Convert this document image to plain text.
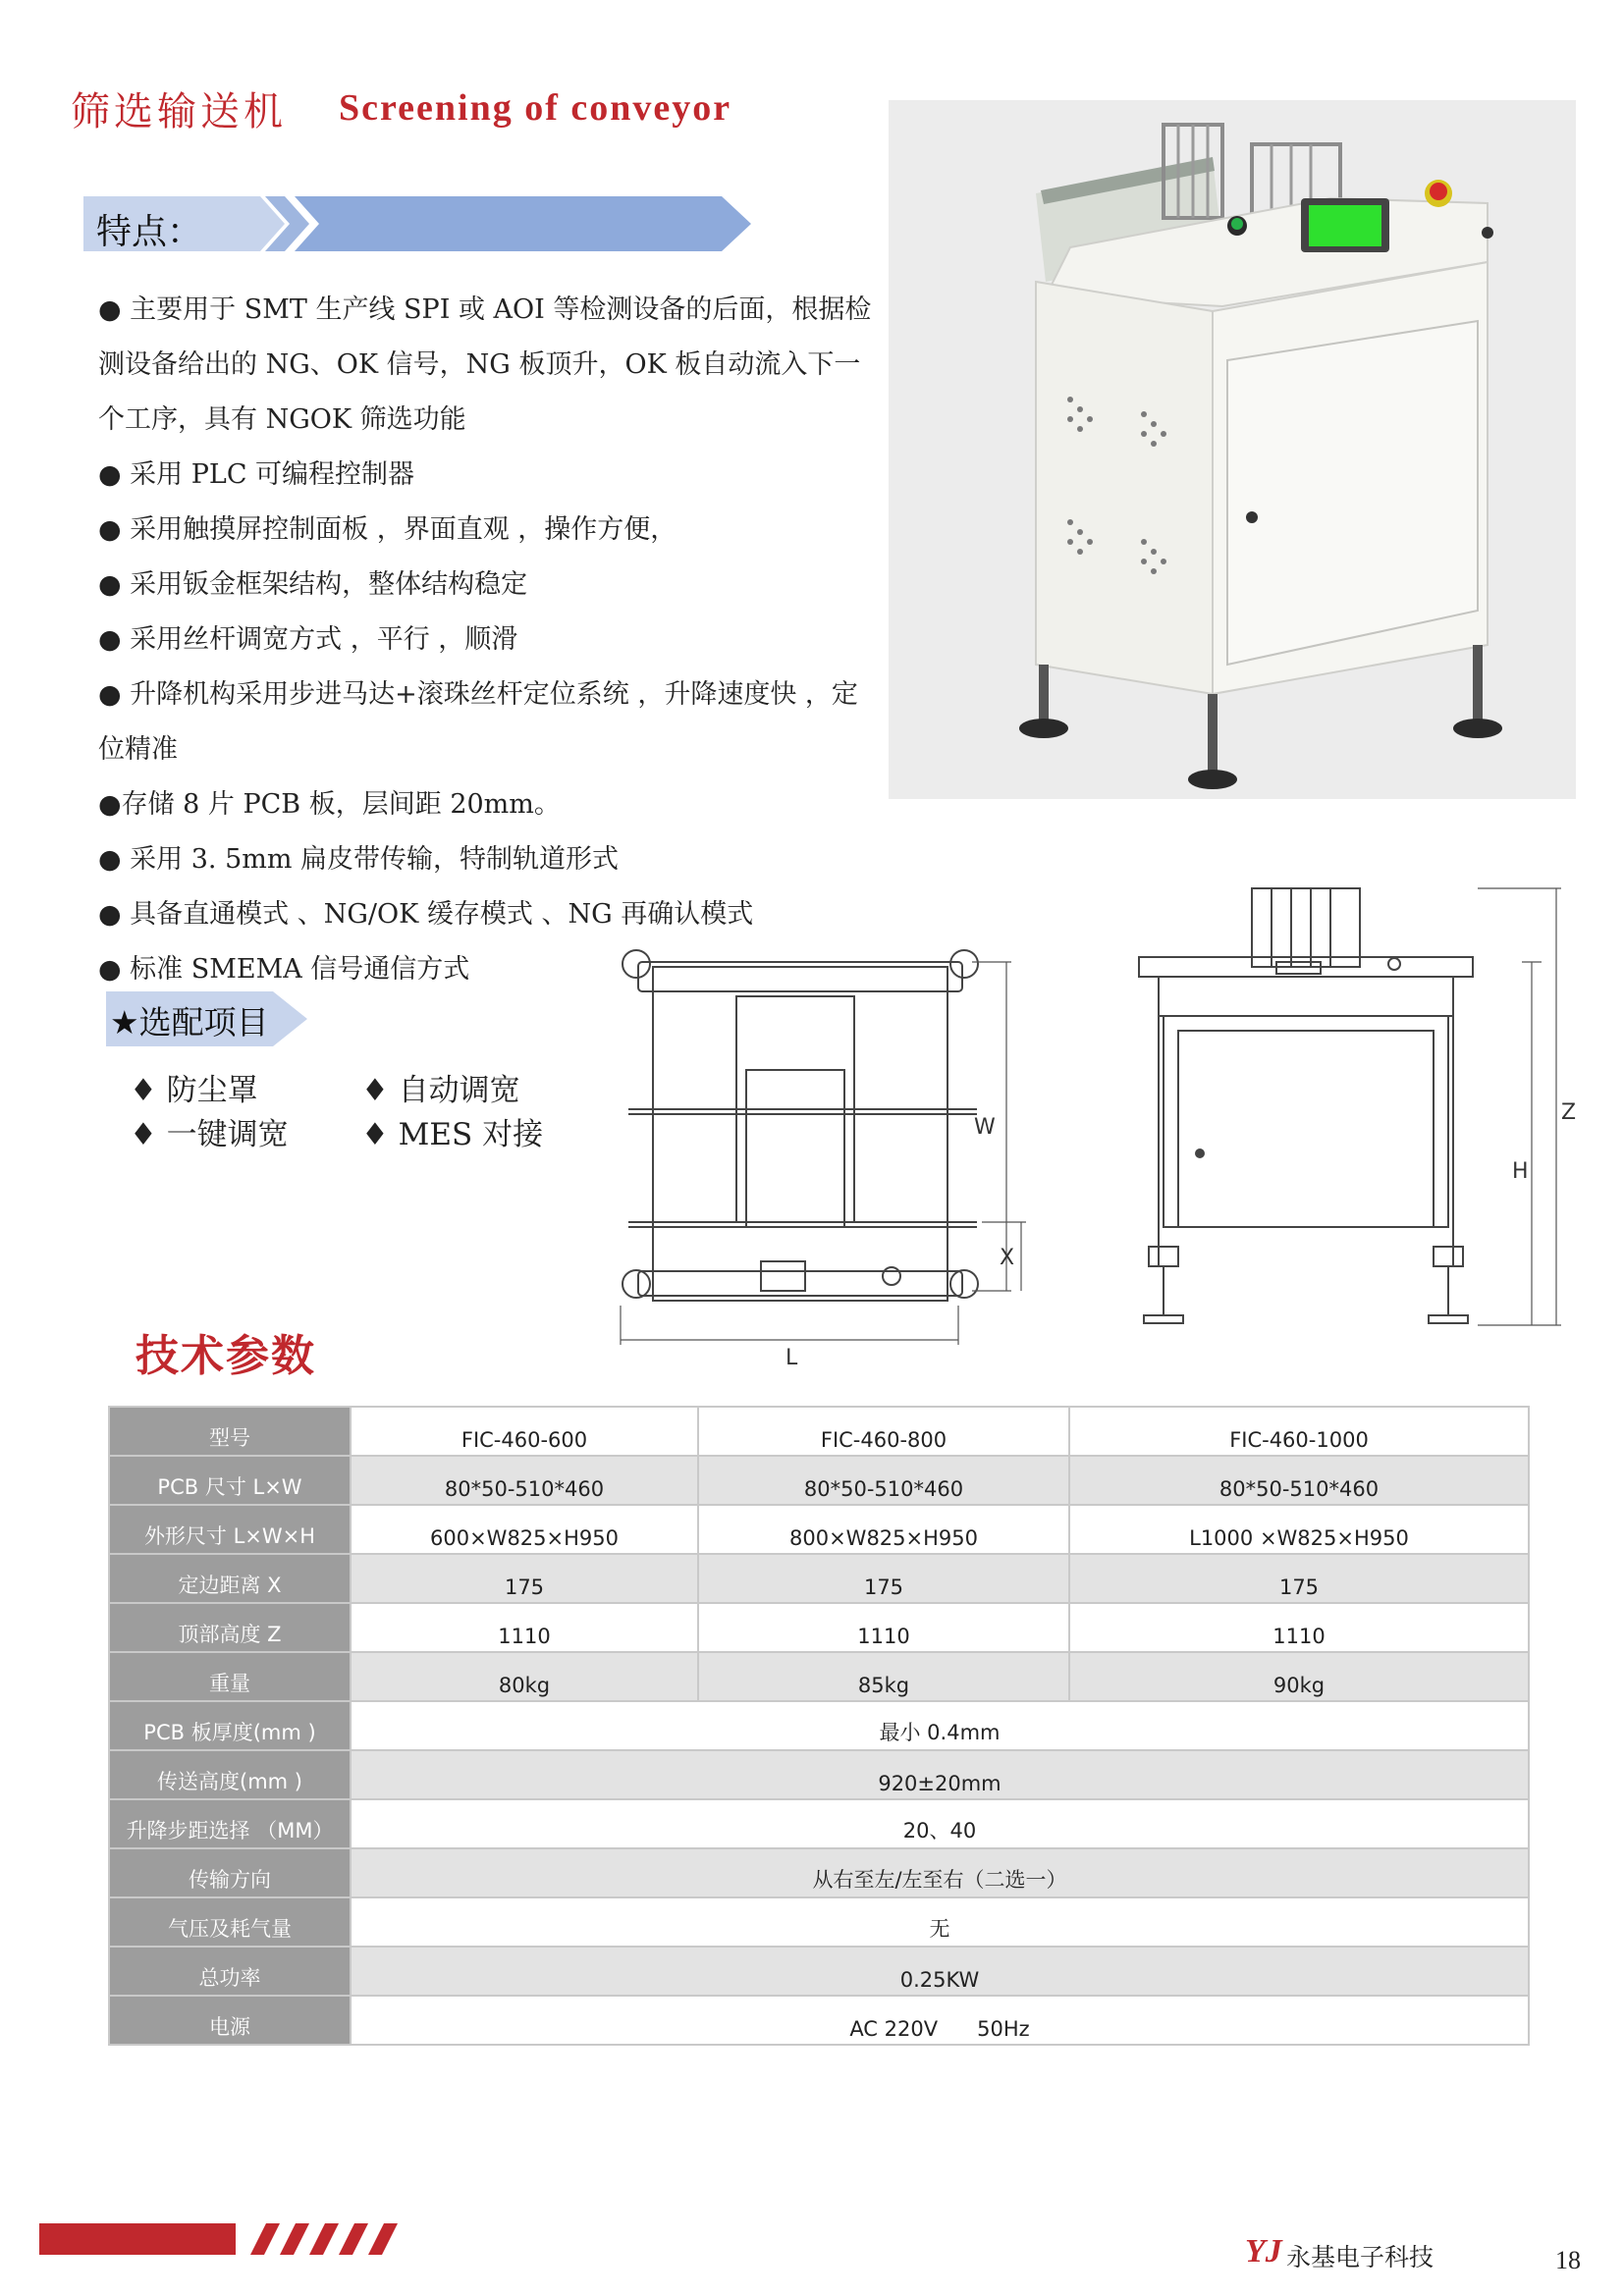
筛选输送机 Screening of conveyor
特点：

● 主要用于 SMT 生产线 SPI 或 AOI 等检测设备的后面，根据检

测设备给出的 NG、OK 信号，NG 板顶升，OK 板自动流入下一

个工序，具有 NGOK 筛选功能

● 采用 PLC 可编程控制器

● 采用触摸屏控制面板 ，界面直观 ，操作方便，

● 采用钣金框架结构，整体结构稳定

● 采用丝杆调宽方式 ，平行 ，顺滑

● 升降机构采用步进马达+滚珠丝杆定位系统 ，升降速度快 ，定

位精准

●存储 8 片 PCB 板，层间距 20mm。

● 采用 3. 5mm 扁皮带传输，特制轨道形式

● 具备直通模式 、NG/OK 缓存模式 、NG 再确认模式

● 标准 SMEMA 信号通信方式

★选配项目
♦ 防尘罩	♦ 自动调宽
♦ 一键调宽 ♦ MES 对接
L
W
X
Z
H
技术参数
型号	FIC-460-600	FIC-460-800	FIC-460-1000
PCB 尺寸 L×W	80*50-510*460	80*50-510*460	80*50-510*460
外形尺寸 L×W×H	600×W825×H950	800×W825×H950	L1000 ×W825×H950
定边距离 X	175	175	175
顶部高度 Z	1110	1110	1110
重量	80kg	85kg	90kg
PCB 板厚度(mm )	最小 0.4mm		
传送高度(mm )	920±20mm		
升降步距选择 （MM）	20、40		
传输方向	从右至左/左至右（二选一）		
气压及耗气量	无		
总功率	0.25KW		
电源	AC 220V      50Hz		
YJ 永基电子科技	18
